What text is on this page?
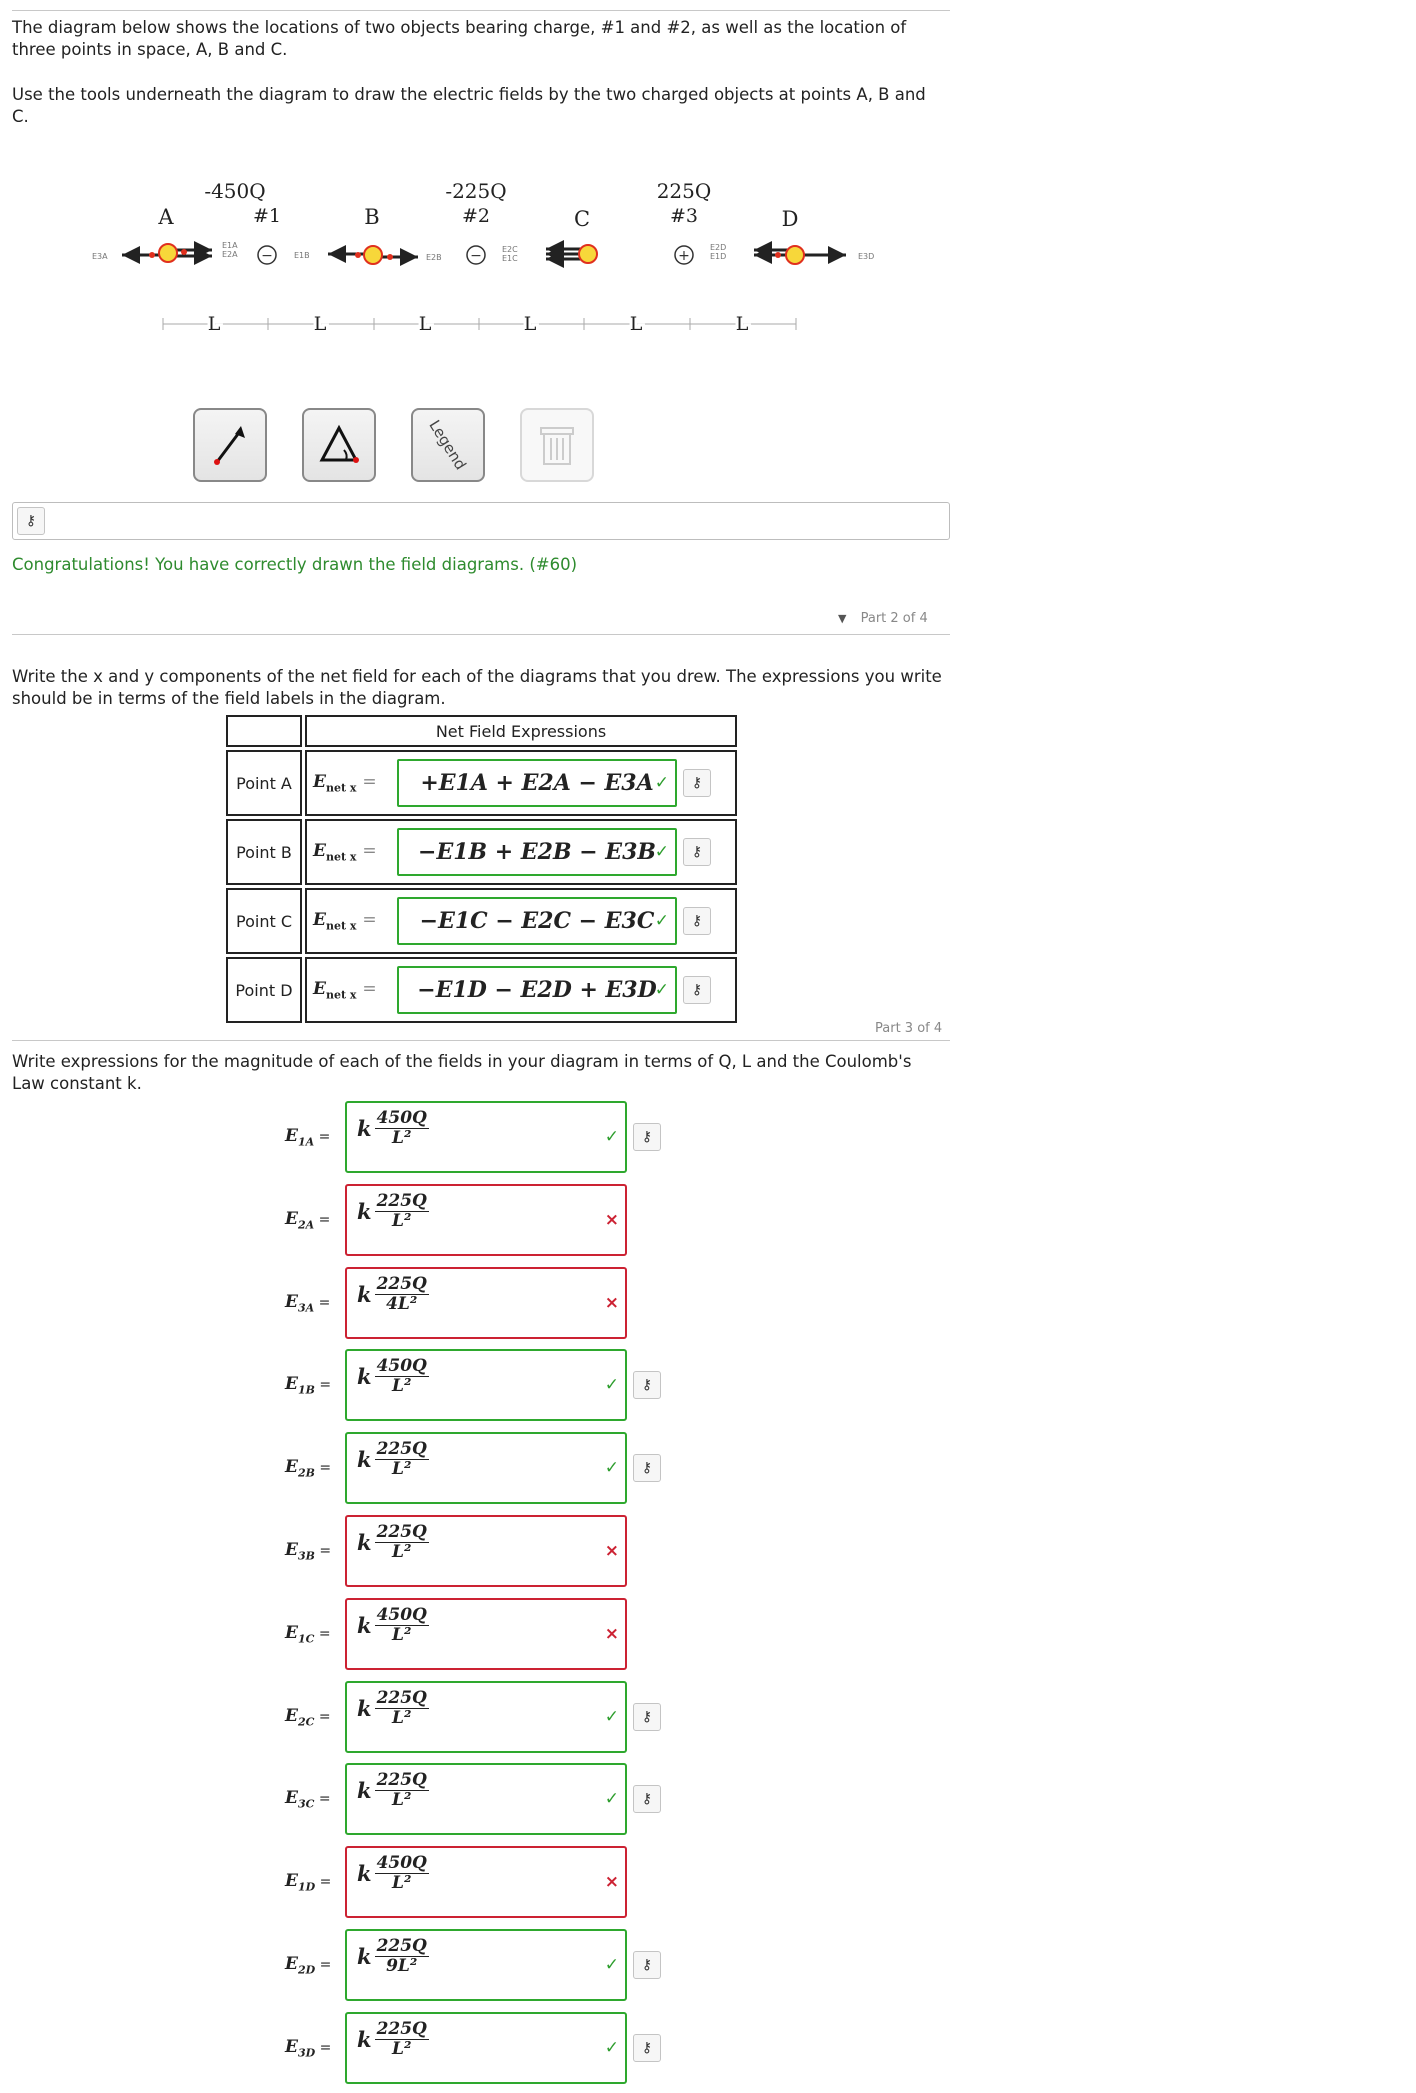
The diagram below shows the locations of two objects bearing charge, #1 and #2, as well as the location of three points in space, A, B and C.

Use the tools underneath the diagram to draw the electric fields by the two charged objects at points A, B and C.

-450Q
#1
-225Q
#2
225Q
#3
A	B	C	D
E3A
E1A
E2A −	E1B	E2B −	E2C
E1C	+
E2D
E1D	E3D
L	L	L	L	L	L
Legend
⚷
Congratulations! You have correctly drawn the field diagrams. (#60)
▼ Part 2 of 4

Write the x and y components of the net field for each of the diagrams that you drew. The expressions you write should be in terms of the field labels in the diagram.

	Net Field Expressions
Point A	$E_{net x} = +E1A + E2A - E3A$ ✓ ⚷

Point B	$E_{net x} = -E1B + E2B - E3B$
✓ ⚷

Point C	$E_{net x} = -E1C - E2C - E3C$ ✓ ⚷

Point D	$E_{net x} = -E1D - E2D + E3D$
✓ ⚷
Part 3 of 4

Write expressions for the magnitude of each of the fields in your diagram in terms of Q, L and the Coulomb's Law constant k.

$E_{1A}$ =	k $\frac{450Q}{\text{L²}}$	✓ ⚷
$E_{2A}$ =	k $\frac{225Q}{\text{L²}}$	×
$E_{3A}$ =	k $\frac{225Q}{\text{4L²}}$	×
$E_{1B}$ =	k $\frac{450Q}{\text{L²}}$	✓ ⚷
$E_{2B}$ =	k $\frac{225Q}{\text{L²}}$	✓ ⚷
$E_{3B}$ =	k $\frac{225Q}{\text{L²}}$	×
$E_{1C}$ =	k $\frac{450Q}{\text{L²}}$	×
$E_{2C}$ =	k $\frac{225Q}{\text{L²}}$	✓ ⚷
$E_{3C}$ =	k $\frac{225Q}{\text{L²}}$	✓ ⚷
$E_{1D}$ =	k $\frac{450Q}{\text{L²}}$	×
$E_{2D}$ =	k $\frac{225Q}{\text{9L²}}$	✓ ⚷
$E_{3D}$ =	k $\frac{225Q}{\text{L²}}$	✓ ⚷
